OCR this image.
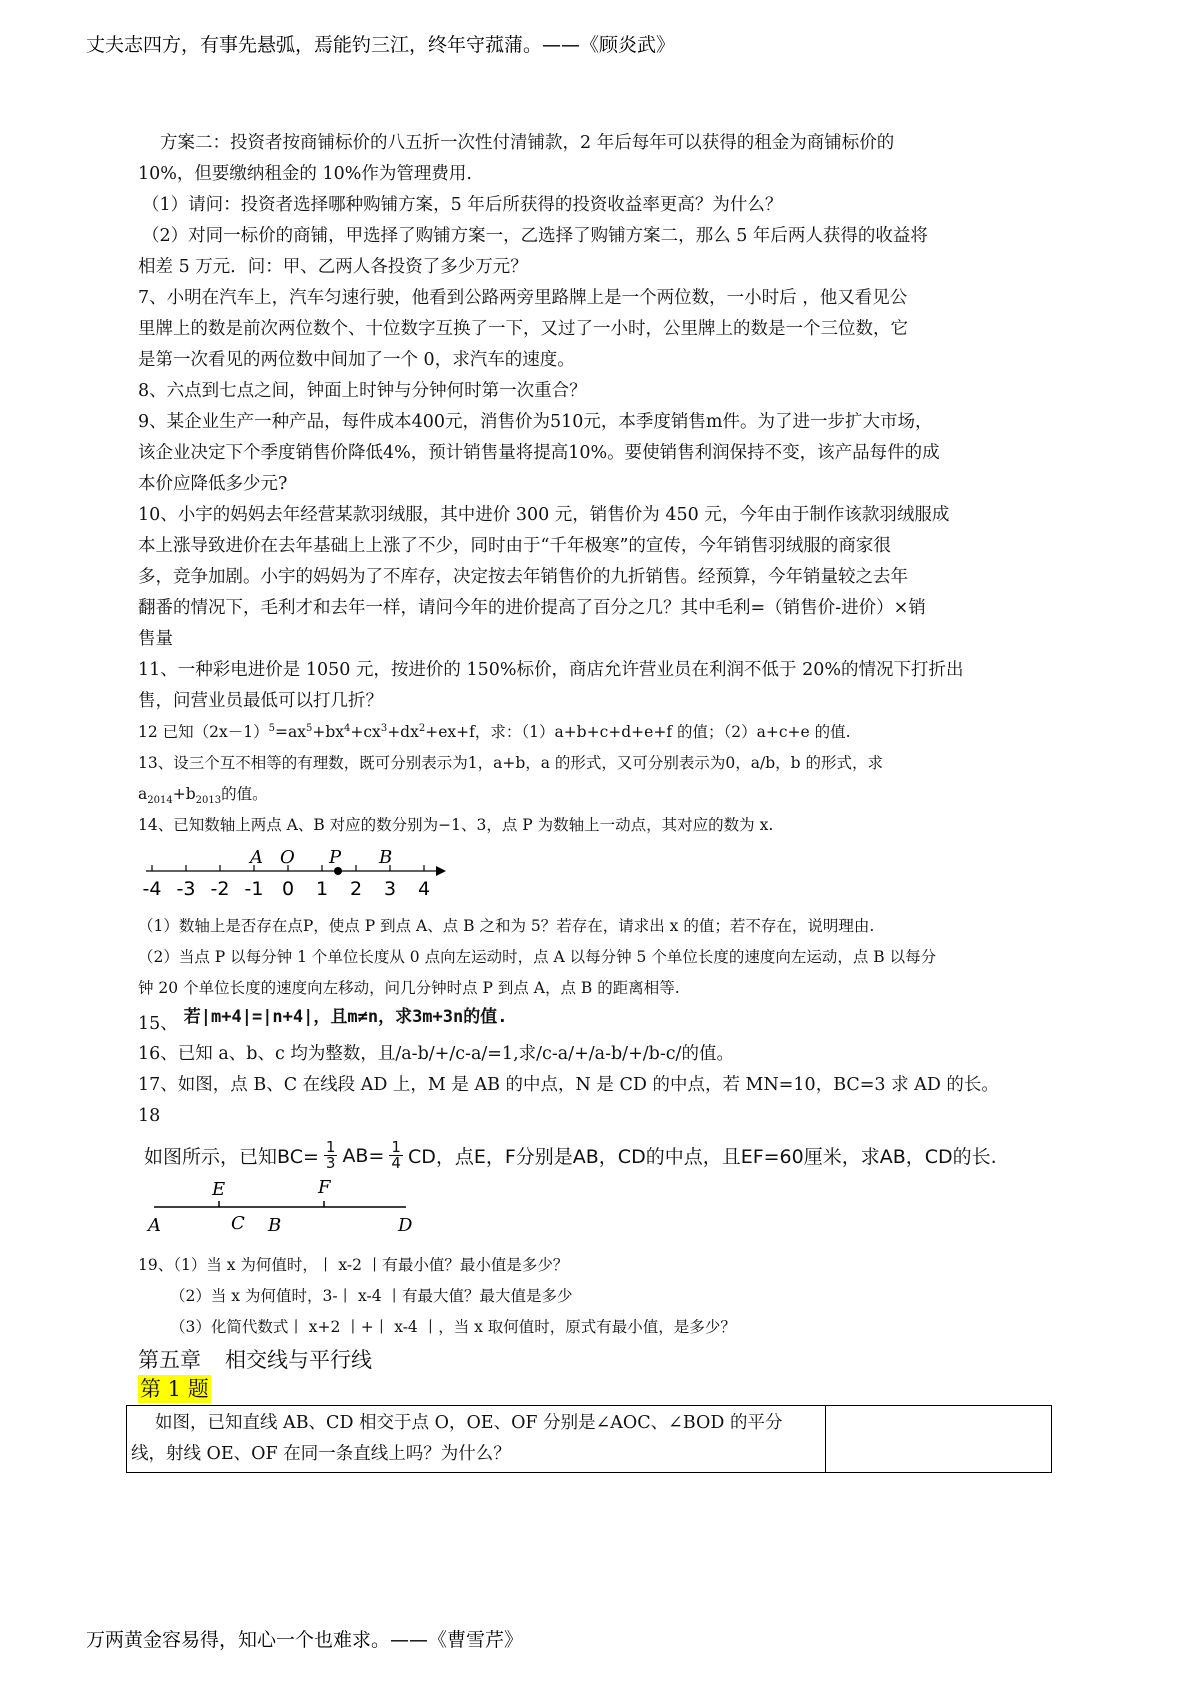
丈夫志四方，有事先悬弧，焉能钓三江，终年守菰蒲。——《顾炎武》

方案二：投资者按商铺标价的八五折一次性付清铺款，2 年后每年可以获得的租金为商铺标价的

10%，但要缴纳租金的 10%作为管理费用.

（1）请问：投资者选择哪种购铺方案，5 年后所获得的投资收益率更高？为什么？

（2）对同一标价的商铺，甲选择了购铺方案一，乙选择了购铺方案二，那么 5 年后两人获得的收益将

相差 5 万元．问：甲、乙两人各投资了多少万元？

7、小明在汽车上，汽车匀速行驶，他看到公路两旁里路牌上是一个两位数，一小时后 ，他又看见公

里牌上的数是前次两位数个、十位数字互换了一下，又过了一小时，公里牌上的数是一个三位数，它

是第一次看见的两位数中间加了一个 0，求汽车的速度。

8、六点到七点之间，钟面上时钟与分钟何时第一次重合？

9、某企业生产一种产品，每件成本400元，消售价为510元，本季度销售m件。为了进一步扩大市场，

该企业决定下个季度销售价降低4%，预计销售量将提高10%。要使销售利润保持不变，该产品每件的成

本价应降低多少元?

10、小宇的妈妈去年经营某款羽绒服，其中进价 300 元，销售价为 450 元，今年由于制作该款羽绒服成

本上涨导致进价在去年基础上上涨了不少，同时由于“千年极寒”的宣传，今年销售羽绒服的商家很

多，竞争加剧。小宇的妈妈为了不库存，决定按去年销售价的九折销售。经预算，今年销量较之去年

翻番的情况下，毛利才和去年一样，请问今年的进价提高了百分之几？其中毛利=（销售价-进价）×销

售量

11、一种彩电进价是 1050 元，按进价的 150%标价，商店允许营业员在利润不低于 20%的情况下打折出

售，问营业员最低可以打几折？

12 已知$(2x-1)^5=ax^5+bx^4+cx^3+dx^2+ex+f$，求：（1）a+b+c+d+e+f 的值；（2）a+c+e 的值.

13、设三个互不相等的有理数，既可分别表示为1，a+b，a 的形式，又可分别表示为0，a/b，b 的形式，求

$a_{2014}+b_{2013}$的值。

14、已知数轴上两点 A、B 对应的数分别为−1、3，点 P 为数轴上一动点，其对应的数为 x.

-4 -3 -2 -1 0 1 2 3 4
A O P B

（1）数轴上是否存在点P，使点 P 到点 A、点 B 之和为 5？若存在，请求出 x 的值；若不存在，说明理由.

（2）当点 P 以每分钟 1 个单位长度从 0 点向左运动时，点 A 以每分钟 5 个单位长度的速度向左运动，点 B 以每分

钟 20 个单位长度的速度向左移动，问几分钟时点 P 到点 A，点 B 的距离相等.

15、 若|m+4|=|n+4|，且m≠n，求3m+3n的值.

16、已知 a、b、c 均为整数，且/a-b/+/c-a/=1,求/c-a/+/a-b/+/b-c/的值。

17、如图，点 B、C 在线段 AD 上，M 是 AB 的中点，N 是 CD 的中点，若 MN=10，BC=3 求 AD 的长。

18

如图所示，已知$BC= \frac{1}{3} AB= \frac{1}{4}$ CD，点E，F分别是AB，CD的中点，且EF=60厘米，求AB，CD的长.
E	F
A	C B	D

19、（1）当 x 为何值时，丨 x-2 丨有最小值？最小值是多少？

（2）当 x 为何值时，3-丨 x-4 丨有最大值？最大值是多少

（3）化简代数式丨 x+2 丨+丨 x-4 丨，当 x 取何值时，原式有最小值，是多少？

第五章 相交线与平行线

第 1 题
如图，已知直线 AB、CD 相交于点 O，OE、OF 分别是∠AOC、∠BOD 的平分
线，射线 OE、OF 在同一条直线上吗？为什么？

万两黄金容易得，知心一个也难求。——《曹雪芹》
